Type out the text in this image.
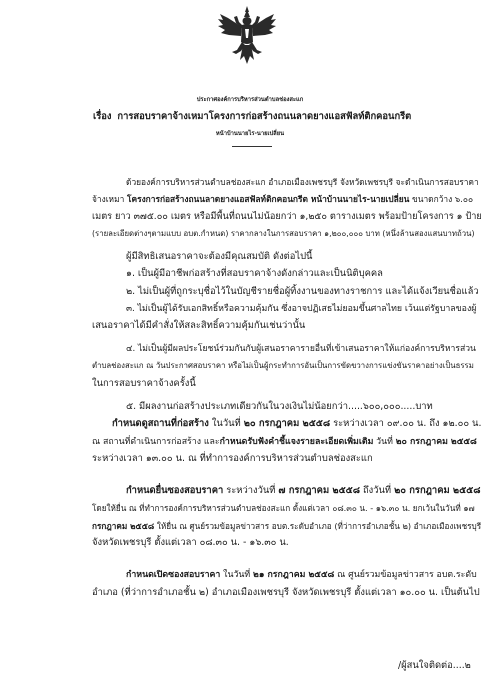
ประกาศองค์การบริหารส่วนตำบลช่องสะแก
เรื่อง การสอบราคาจ้างเหมาโครงการก่อสร้างถนนลาดยางแอสฟัลท์ติกคอนกรีต
หน้าบ้านนายไร-นายเปลี่ยน
ด้วยองค์การบริหารส่วนตำบลช่องสะแก อำเภอเมืองเพชรบุรี จังหวัดเพชรบุรี จะดำเนินการสอบราคา
จ้างเหมา โครงการก่อสร้างถนนลาดยางแอสฟัลท์ติกคอนกรีต หน้าบ้านนายไร-นายเปลี่ยน ขนาดกว้าง ๖.๐๐
เมตร ยาว ๓๗๕.๐๐ เมตร หรือมีพื้นที่ถนนไม่น้อยกว่า ๑,๒๕๐ ตารางเมตร พร้อมป้ายโครงการ ๑ ป้าย
(รายละเอียดต่างๆตามแบบ อบต.กำหนด) ราคากลางในการสอบราคา ๑,๒๐๐,๐๐๐ บาท (หนึ่งล้านสองแสนบาทถ้วน)
ผู้มีสิทธิเสนอราคาจะต้องมีคุณสมบัติ ดังต่อไปนี้
๑. เป็นผู้มีอาชีพก่อสร้างที่สอบราคาจ้างดังกล่าวและเป็นนิติบุคคล
๒. ไม่เป็นผู้ที่ถูกระบุชื่อไว้ในบัญชีรายชื่อผู้ทิ้งงานของทางราชการ และได้แจ้งเวียนชื่อแล้ว
๓. ไม่เป็นผู้ได้รับเอกสิทธิ์หรือความคุ้มกัน ซึ่งอาจปฏิเสธไม่ยอมขึ้นศาลไทย เว้นแต่รัฐบาลของผู้
เสนอราคาได้มีคำสั่งให้สละสิทธิ์ความคุ้มกันเช่นว่านั้น
๔. ไม่เป็นผู้มีผลประโยชน์ร่วมกันกับผู้เสนอราคารายอื่นที่เข้าเสนอราคาให้แก่องค์การบริหารส่วน
ตำบลช่องสะแก ณ วันประกาศสอบราคา หรือไม่เป็นผู้กระทำการอันเป็นการขัดขวางการแข่งขันราคาอย่างเป็นธรรม
ในการสอบราคาจ้างครั้งนี้
๕. มีผลงานก่อสร้างประเภทเดียวกันในวงเงินไม่น้อยกว่า.....๖๐๐,๐๐๐.....บาท
กำหนดดูสถานที่ก่อสร้าง ในวันที่ ๒๐ กรกฎาคม ๒๕๕๘ ระหว่างเวลา ๐๙.๐๐ น. ถึง ๑๒.๐๐ น.
ณ สถานที่ดำเนินการก่อสร้าง และกำหนดรับฟังคำชี้แจงรายละเอียดเพิ่มเติม วันที่ ๒๐ กรกฎาคม ๒๕๕๘
ระหว่างเวลา ๑๓.๐๐ น. ณ ที่ทำการองค์การบริหารส่วนตำบลช่องสะแก
กำหนดยื่นซองสอบราคา ระหว่างวันที่ ๗ กรกฎาคม ๒๕๕๘ ถึงวันที่ ๒๐ กรกฎาคม ๒๕๕๘
โดยให้ยื่น ณ ที่ทำการองค์การบริหารส่วนตำบลช่องสะแก ตั้งแต่เวลา ๐๘.๓๐ น. - ๑๖.๓๐ น. ยกเว้นในวันที่ ๑๗
กรกฎาคม ๒๕๕๘ ให้ยื่น ณ ศูนย์รวมข้อมูลข่าวสาร อบต.ระดับอำเภอ (ที่ว่าการอำเภอชั้น ๒) อำเภอเมืองเพชรบุรี
จังหวัดเพชรบุรี ตั้งแต่เวลา ๐๘.๓๐ น. - ๑๖.๓๐ น.
กำหนดเปิดซองสอบราคา ในวันที่ ๒๑ กรกฎาคม ๒๕๕๘ ณ ศูนย์รวมข้อมูลข่าวสาร อบต.ระดับ
อำเภอ (ที่ว่าการอำเภอชั้น ๒) อำเภอเมืองเพชรบุรี จังหวัดเพชรบุรี ตั้งแต่เวลา ๑๐.๐๐ น. เป็นต้นไป
/ผู้สนใจติดต่อ....๒
